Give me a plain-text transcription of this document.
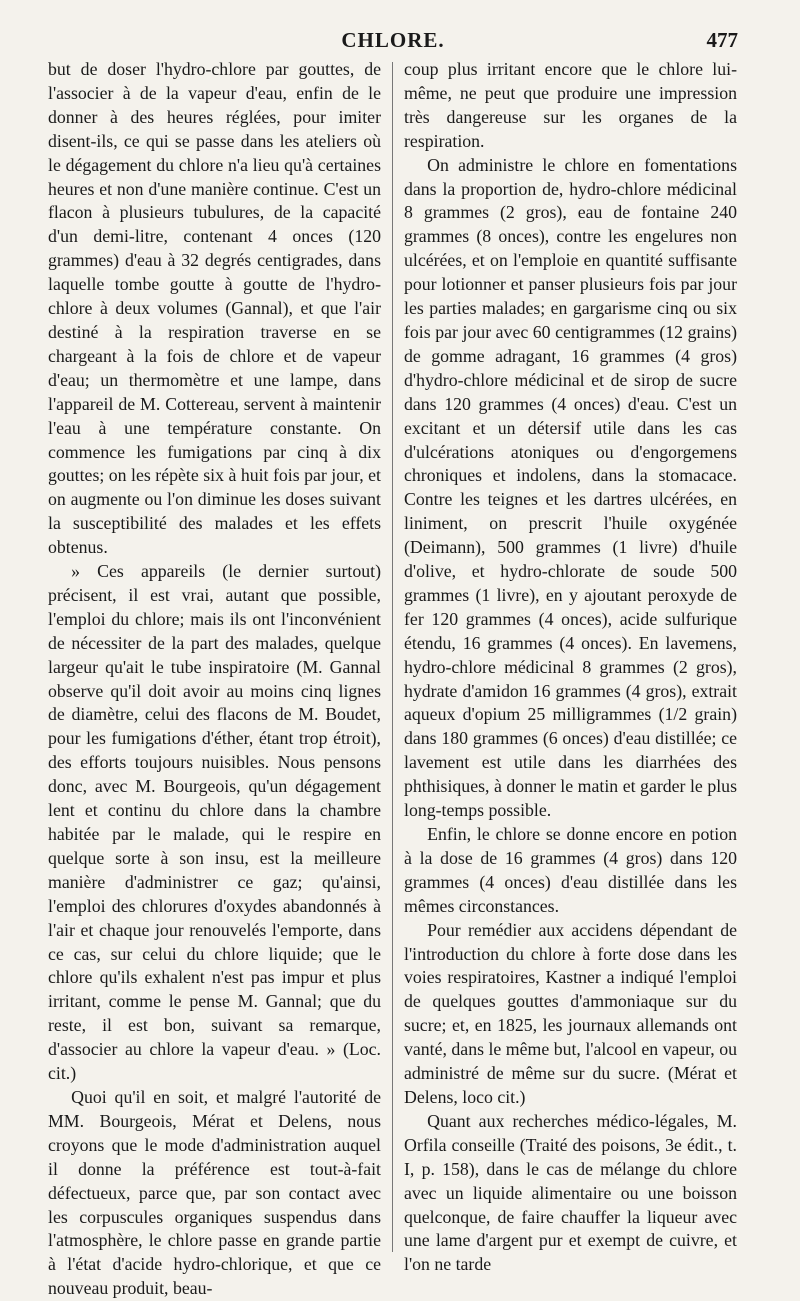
CHLORE.	477

but de doser l'hydro-chlore par gouttes, de l'associer à de la vapeur d'eau, enfin de le donner à des heures réglées, pour imiter disent-ils, ce qui se passe dans les ateliers où le dégagement du chlore n'a lieu qu'à certaines heures et non d'une manière continue. C'est un flacon à plusieurs tubulures, de la capacité d'un demi-litre, contenant 4 onces (120 grammes) d'eau à 32 degrés centigrades, dans laquelle tombe goutte à goutte de l'hydro-chlore à deux volumes (Gannal), et que l'air destiné à la respiration traverse en se chargeant à la fois de chlore et de vapeur d'eau; un thermomètre et une lampe, dans l'appareil de M. Cottereau, servent à maintenir l'eau à une température constante. On commence les fumigations par cinq à dix gouttes; on les répète six à huit fois par jour, et on augmente ou l'on diminue les doses suivant la susceptibilité des malades et les effets obtenus.

» Ces appareils (le dernier surtout) précisent, il est vrai, autant que possible, l'emploi du chlore; mais ils ont l'inconvénient de nécessiter de la part des malades, quelque largeur qu'ait le tube inspiratoire (M. Gannal observe qu'il doit avoir au moins cinq lignes de diamètre, celui des flacons de M. Boudet, pour les fumigations d'éther, étant trop étroit), des efforts toujours nuisibles. Nous pensons donc, avec M. Bourgeois, qu'un dégagement lent et continu du chlore dans la chambre habitée par le malade, qui le respire en quelque sorte à son insu, est la meilleure manière d'administrer ce gaz; qu'ainsi, l'emploi des chlorures d'oxydes abandonnés à l'air et chaque jour renouvelés l'emporte, dans ce cas, sur celui du chlore liquide; que le chlore qu'ils exhalent n'est pas impur et plus irritant, comme le pense M. Gannal; que du reste, il est bon, suivant sa remarque, d'associer au chlore la vapeur d'eau. » (Loc. cit.)

Quoi qu'il en soit, et malgré l'autorité de MM. Bourgeois, Mérat et Delens, nous croyons que le mode d'administration auquel il donne la préférence est tout-à-fait défectueux, parce que, par son contact avec les corpuscules organiques suspendus dans l'atmosphère, le chlore passe en grande partie à l'état d'acide hydro-chlorique, et que ce nouveau produit, beau-

coup plus irritant encore que le chlore lui-même, ne peut que produire une impression très dangereuse sur les organes de la respiration.

On administre le chlore en fomentations dans la proportion de, hydro-chlore médicinal 8 grammes (2 gros), eau de fontaine 240 grammes (8 onces), contre les engelures non ulcérées, et on l'emploie en quantité suffisante pour lotionner et panser plusieurs fois par jour les parties malades; en gargarisme cinq ou six fois par jour avec 60 centigrammes (12 grains) de gomme adragant, 16 grammes (4 gros) d'hydro-chlore médicinal et de sirop de sucre dans 120 grammes (4 onces) d'eau. C'est un excitant et un détersif utile dans les cas d'ulcérations atoniques ou d'engorgemens chroniques et indolens, dans la stomacace. Contre les teignes et les dartres ulcérées, en liniment, on prescrit l'huile oxygénée (Deimann), 500 grammes (1 livre) d'huile d'olive, et hydro-chlorate de soude 500 grammes (1 livre), en y ajoutant peroxyde de fer 120 grammes (4 onces), acide sulfurique étendu, 16 grammes (4 onces). En lavemens, hydro-chlore médicinal 8 grammes (2 gros), hydrate d'amidon 16 grammes (4 gros), extrait aqueux d'opium 25 milligrammes (1/2 grain) dans 180 grammes (6 onces) d'eau distillée; ce lavement est utile dans les diarrhées des phthisiques, à donner le matin et garder le plus long-temps possible.

Enfin, le chlore se donne encore en potion à la dose de 16 grammes (4 gros) dans 120 grammes (4 onces) d'eau distillée dans les mêmes circonstances.

Pour remédier aux accidens dépendant de l'introduction du chlore à forte dose dans les voies respiratoires, Kastner a indiqué l'emploi de quelques gouttes d'ammoniaque sur du sucre; et, en 1825, les journaux allemands ont vanté, dans le même but, l'alcool en vapeur, ou administré de même sur du sucre. (Mérat et Delens, loco cit.)

Quant aux recherches médico-légales, M. Orfila conseille (Traité des poisons, 3e édit., t. I, p. 158), dans le cas de mélange du chlore avec un liquide alimentaire ou une boisson quelconque, de faire chauffer la liqueur avec une lame d'argent pur et exempt de cuivre, et l'on ne tarde
